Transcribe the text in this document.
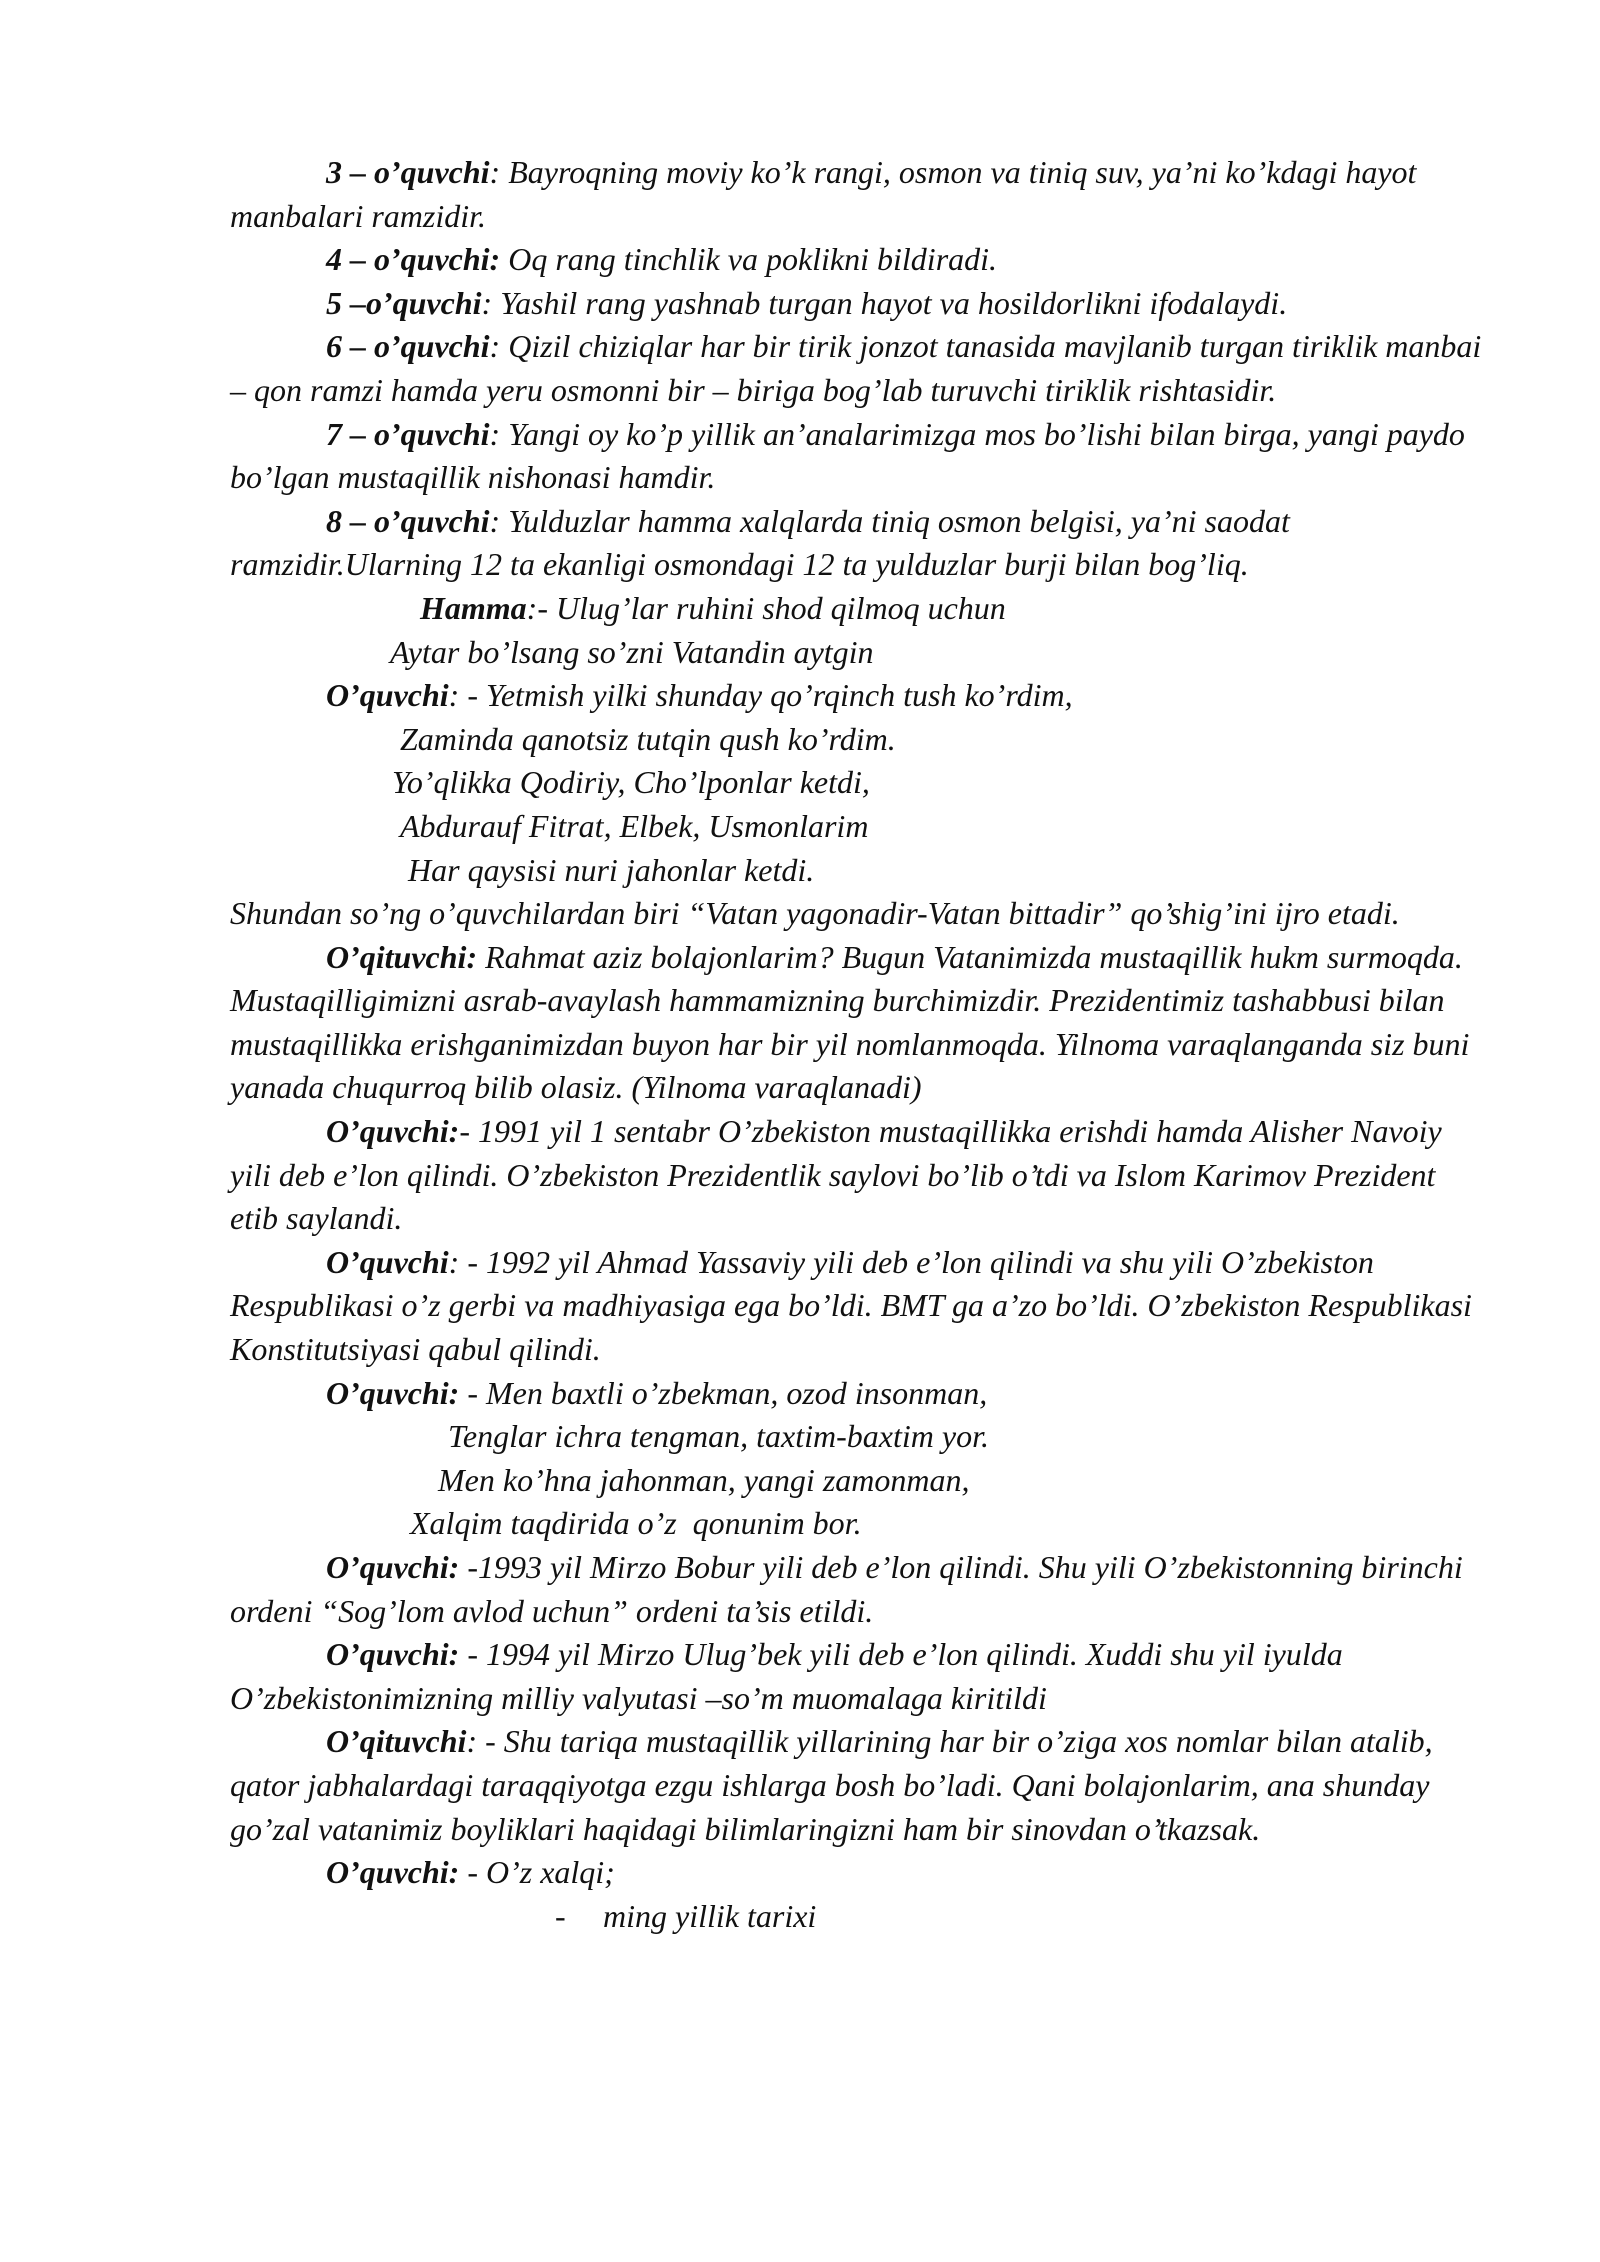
3 – o’quvchi: Bayroqning moviy ko’k rangi, osmon va tiniq suv, ya’ni ko’kdagi hayot manbalari ramzidir.

4 – o’quvchi: Oq rang tinchlik va poklikni bildiradi.

5 –o’quvchi: Yashil rang yashnab turgan hayot va hosildorlikni ifodalaydi.

6 – o’quvchi: Qizil chiziqlar har bir tirik jonzot tanasida mavjlanib turgan tiriklik manbai – qon ramzi hamda yeru osmonni bir – biriga bog’lab turuvchi tiriklik rishtasidir.

7 – o’quvchi: Yangi oy ko’p yillik an’analarimizga mos bo’lishi bilan birga, yangi paydo bo’lgan mustaqillik nishonasi hamdir.

8 – o’quvchi: Yulduzlar hamma xalqlarda tiniq osmon belgisi, ya’ni saodat ramzidir.Ularning 12 ta ekanligi osmondagi 12 ta yulduzlar burji bilan bog’liq.

Hamma:- Ulug’lar ruhini shod qilmoq uchun

Aytar bo’lsang so’zni Vatandin aytgin

O’quvchi: - Yetmish yilki shunday qo’rqinch tush ko’rdim,

Zaminda qanotsiz tutqin qush ko’rdim.

Yo’qlikka Qodiriy, Cho’lponlar ketdi,

Abdurauf Fitrat, Elbek, Usmonlarim

Har qaysisi nuri jahonlar ketdi.

Shundan so’ng o’quvchilardan biri “Vatan yagonadir-Vatan bittadir” qo’shig’ini ijro etadi.

O’qituvchi: Rahmat aziz bolajonlarim? Bugun Vatanimizda mustaqillik hukm surmoqda. Mustaqilligimizni asrab-avaylash hammamizning burchimizdir. Prezidentimiz tashabbusi bilan mustaqillikka erishganimizdan buyon har bir yil nomlanmoqda. Yilnoma varaqlanganda siz buni yanada chuqurroq bilib olasiz. (Yilnoma varaqlanadi)

O’quvchi:- 1991 yil 1 sentabr O’zbekiston mustaqillikka erishdi hamda Alisher Navoiy yili deb e’lon qilindi. O’zbekiston Prezidentlik saylovi bo’lib o’tdi va Islom Karimov Prezident etib saylandi.

O’quvchi: - 1992 yil Ahmad Yassaviy yili deb e’lon qilindi va shu yili O’zbekiston Respublikasi o’z gerbi va madhiyasiga ega bo’ldi. BMT ga a’zo bo’ldi. O’zbekiston Respublikasi Konstitutsiyasi qabul qilindi.

O’quvchi: - Men baxtli o’zbekman, ozod insonman,

Tenglar ichra tengman, taxtim-baxtim yor.

Men ko’hna jahonman, yangi zamonman,

Xalqim taqdirida o’z  qonunim bor.

O’quvchi: -1993 yil Mirzo Bobur yili deb e’lon qilindi. Shu yili O’zbekistonning birinchi ordeni “Sog’lom avlod uchun” ordeni ta’sis etildi.

O’quvchi: - 1994 yil Mirzo Ulug’bek yili deb e’lon qilindi. Xuddi shu yil iyulda O’zbekistonimizning milliy valyutasi –so’m muomalaga kiritildi

O’qituvchi: - Shu tariqa mustaqillik yillarining har bir o’ziga xos nomlar bilan atalib, qator jabhalardagi taraqqiyotga ezgu ishlarga bosh bo’ladi. Qani bolajonlarim, ana shunday go’zal vatanimiz boyliklari haqidagi bilimlaringizni ham bir sinovdan o’tkazsak.

O’quvchi: - O’z xalqi;

- ming yillik tarixi
